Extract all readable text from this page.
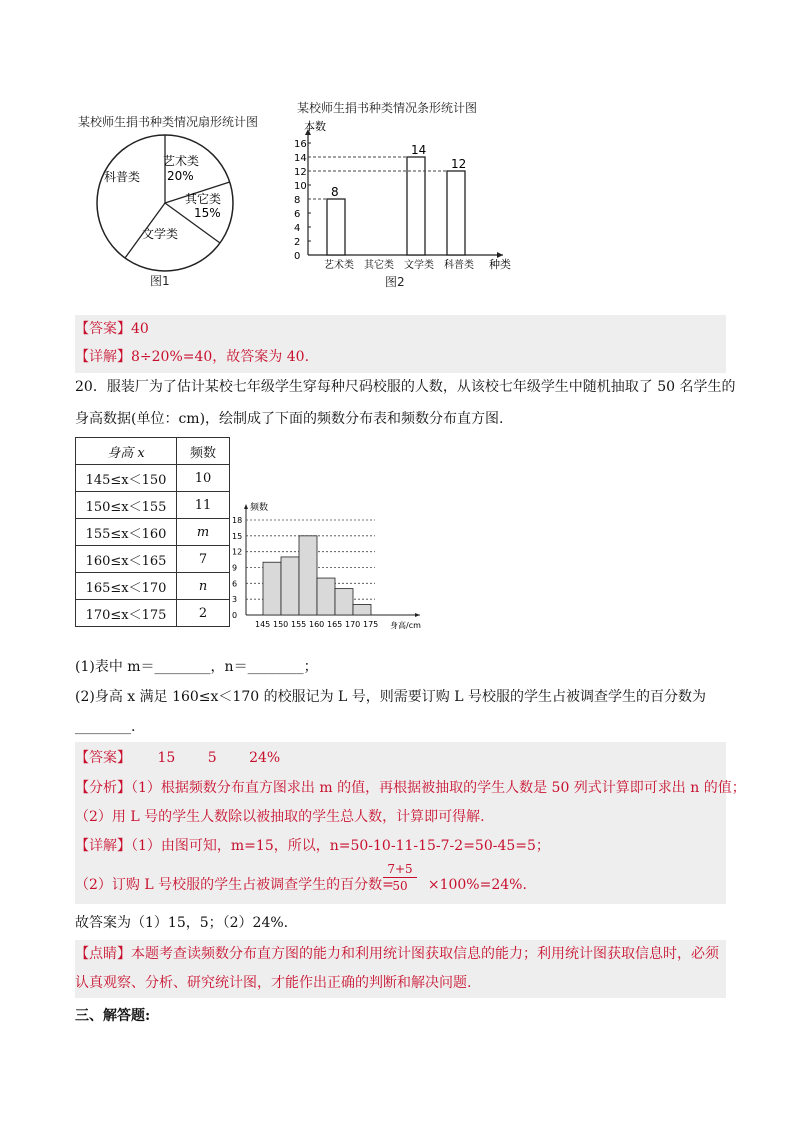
某校师生捐书种类情况扇形统计图
艺术类
20%
其它类
15%
科普类
文学类
图1
某校师生捐书种类情况条形统计图
本数
种类
0
2
4
6
8
10
12
14
16
艺术类
8
其它类 文学类
14
科普类
12
图2
【答案】40
【详解】8÷20%=40，故答案为 40.
20．服装厂为了估计某校七年级学生穿每种尺码校服的人数，从该校七年级学生中随机抽取了 50 名学生的
身高数据(单位：cm)，绘制成了下面的频数分布表和频数分布直方图.
身高 x	频数
145≤x＜150	10
150≤x＜155	11
155≤x＜160	m
160≤x＜165	7
165≤x＜170	n
170≤x＜175	2
频数
0
3
6
9
12
15
18
145 150 155 160 165 170 175 身高/cm
(1)表中 m＝________，n＝________；
(2)身高 x 满足 160≤x＜170 的校服记为 L 号，则需要订购 L 号校服的学生占被调查学生的百分数为
________.
【答案】 15 5 24%
【分析】（1）根据频数分布直方图求出 m 的值，再根据被抽取的学生人数是 50 列式计算即可求出 n 的值；
（2）用 L 号的学生人数除以被抽取的学生总人数，计算即可得解.
【详解】（1）由图可知，m=15，所以，n=50-10-11-15-7-2=50-45=5；
（2）订购 L 号校服的学生占被调查学生的百分数= ×100%=24%.
$\frac{7+5}{50}$
故答案为（1）15，5；（2）24%.
【点睛】本题考查读频数分布直方图的能力和利用统计图获取信息的能力；利用统计图获取信息时，必须
认真观察、分析、研究统计图，才能作出正确的判断和解决问题.
三、解答题:
